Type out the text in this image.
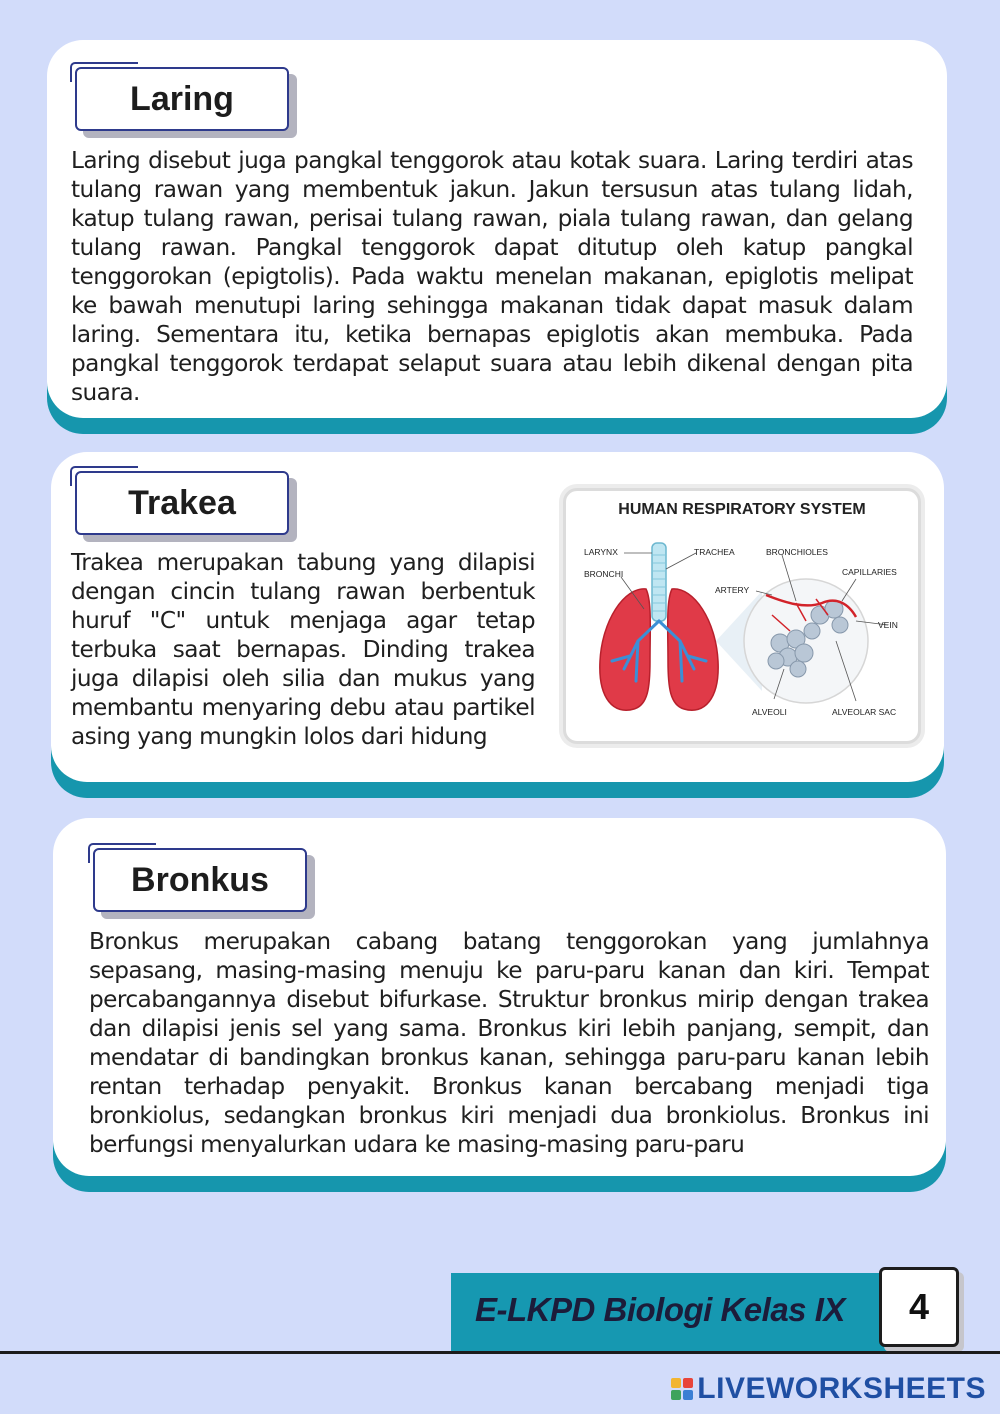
Laring
Laring disebut juga pangkal tenggorok atau kotak suara. Laring terdiri atas tulang rawan yang membentuk jakun. Jakun tersusun atas tulang lidah, katup tulang rawan, perisai tulang rawan, piala tulang rawan, dan gelang tulang rawan. Pangkal tenggorok dapat ditutup oleh katup pangkal tenggorokan (epigtolis). Pada waktu menelan makanan, epiglotis melipat ke bawah menutupi laring sehingga makanan tidak dapat masuk dalam laring. Sementara itu, ketika bernapas epiglotis akan membuka. Pada pangkal tenggorok terdapat selaput suara atau lebih dikenal dengan pita suara.
Trakea
Trakea merupakan tabung yang dilapisi dengan cincin tulang rawan berbentuk huruf "C" untuk menjaga agar tetap terbuka saat bernapas. Dinding trakea juga dilapisi oleh silia dan mukus yang membantu menyaring debu atau partikel asing yang mungkin lolos dari hidung
HUMAN RESPIRATORY SYSTEM
LARYNX	TRACHEA	BRONCHIOLES
BRONCHI	CAPILLARIES
ARTERY
VEIN
ALVEOLI	ALVEOLAR SAC
Bronkus
Bronkus merupakan cabang batang tenggorokan yang jumlahnya sepasang, masing-masing menuju ke paru-paru kanan dan kiri. Tempat percabangannya disebut bifurkase. Struktur bronkus mirip dengan trakea dan dilapisi jenis sel yang sama. Bronkus kiri lebih panjang, sempit, dan mendatar di bandingkan bronkus kanan, sehingga paru-paru kanan lebih rentan terhadap penyakit. Bronkus kanan bercabang menjadi tiga bronkiolus, sedangkan bronkus kiri menjadi dua bronkiolus. Bronkus ini berfungsi menyalurkan udara ke masing-masing paru-paru
E-LKPD Biologi Kelas IX 4
LIVEWORKSHEETS
